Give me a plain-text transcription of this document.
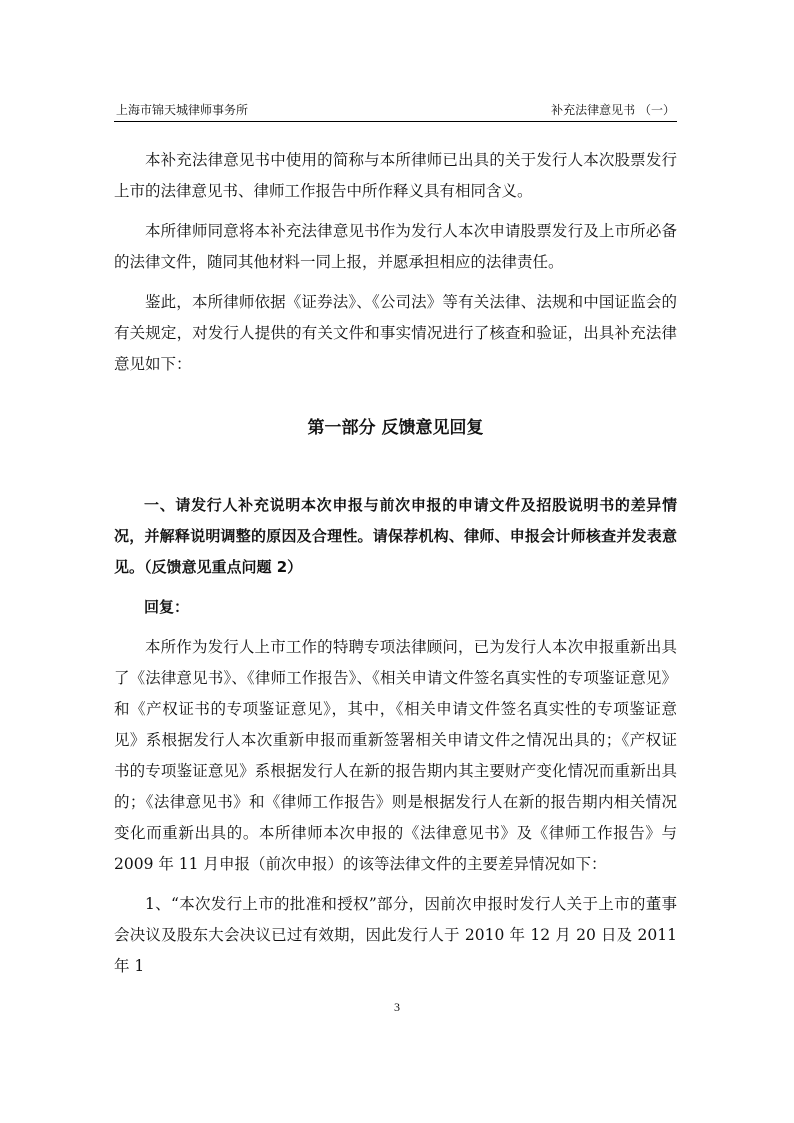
上海市锦天城律师事务所	补充法律意见书 （一）

本补充法律意见书中使用的简称与本所律师已出具的关于发行人本次股票发行上市的法律意见书、律师工作报告中所作释义具有相同含义。

本所律师同意将本补充法律意见书作为发行人本次申请股票发行及上市所必备的法律文件，随同其他材料一同上报，并愿承担相应的法律责任。

鉴此，本所律师依据《证券法》、《公司法》等有关法律、法规和中国证监会的有关规定，对发行人提供的有关文件和事实情况进行了核查和验证，出具补充法律意见如下：

第一部分 反馈意见回复

一、请发行人补充说明本次申报与前次申报的申请文件及招股说明书的差异情况，并解释说明调整的原因及合理性。请保荐机构、律师、申报会计师核查并发表意见。（反馈意见重点问题 2）

回复：

本所作为发行人上市工作的特聘专项法律顾问，已为发行人本次申报重新出具了《法律意见书》、《律师工作报告》、《相关申请文件签名真实性的专项鉴证意见》和《产权证书的专项鉴证意见》，其中，《相关申请文件签名真实性的专项鉴证意见》系根据发行人本次重新申报而重新签署相关申请文件之情况出具的；《产权证书的专项鉴证意见》系根据发行人在新的报告期内其主要财产变化情况而重新出具的；《法律意见书》和《律师工作报告》则是根据发行人在新的报告期内相关情况变化而重新出具的。本所律师本次申报的《法律意见书》及《律师工作报告》与 2009 年 11 月申报（前次申报）的该等法律文件的主要差异情况如下：

1、“本次发行上市的批准和授权”部分，因前次申报时发行人关于上市的董事会决议及股东大会决议已过有效期，因此发行人于 2010 年 12 月 20 日及 2011 年 1

3
